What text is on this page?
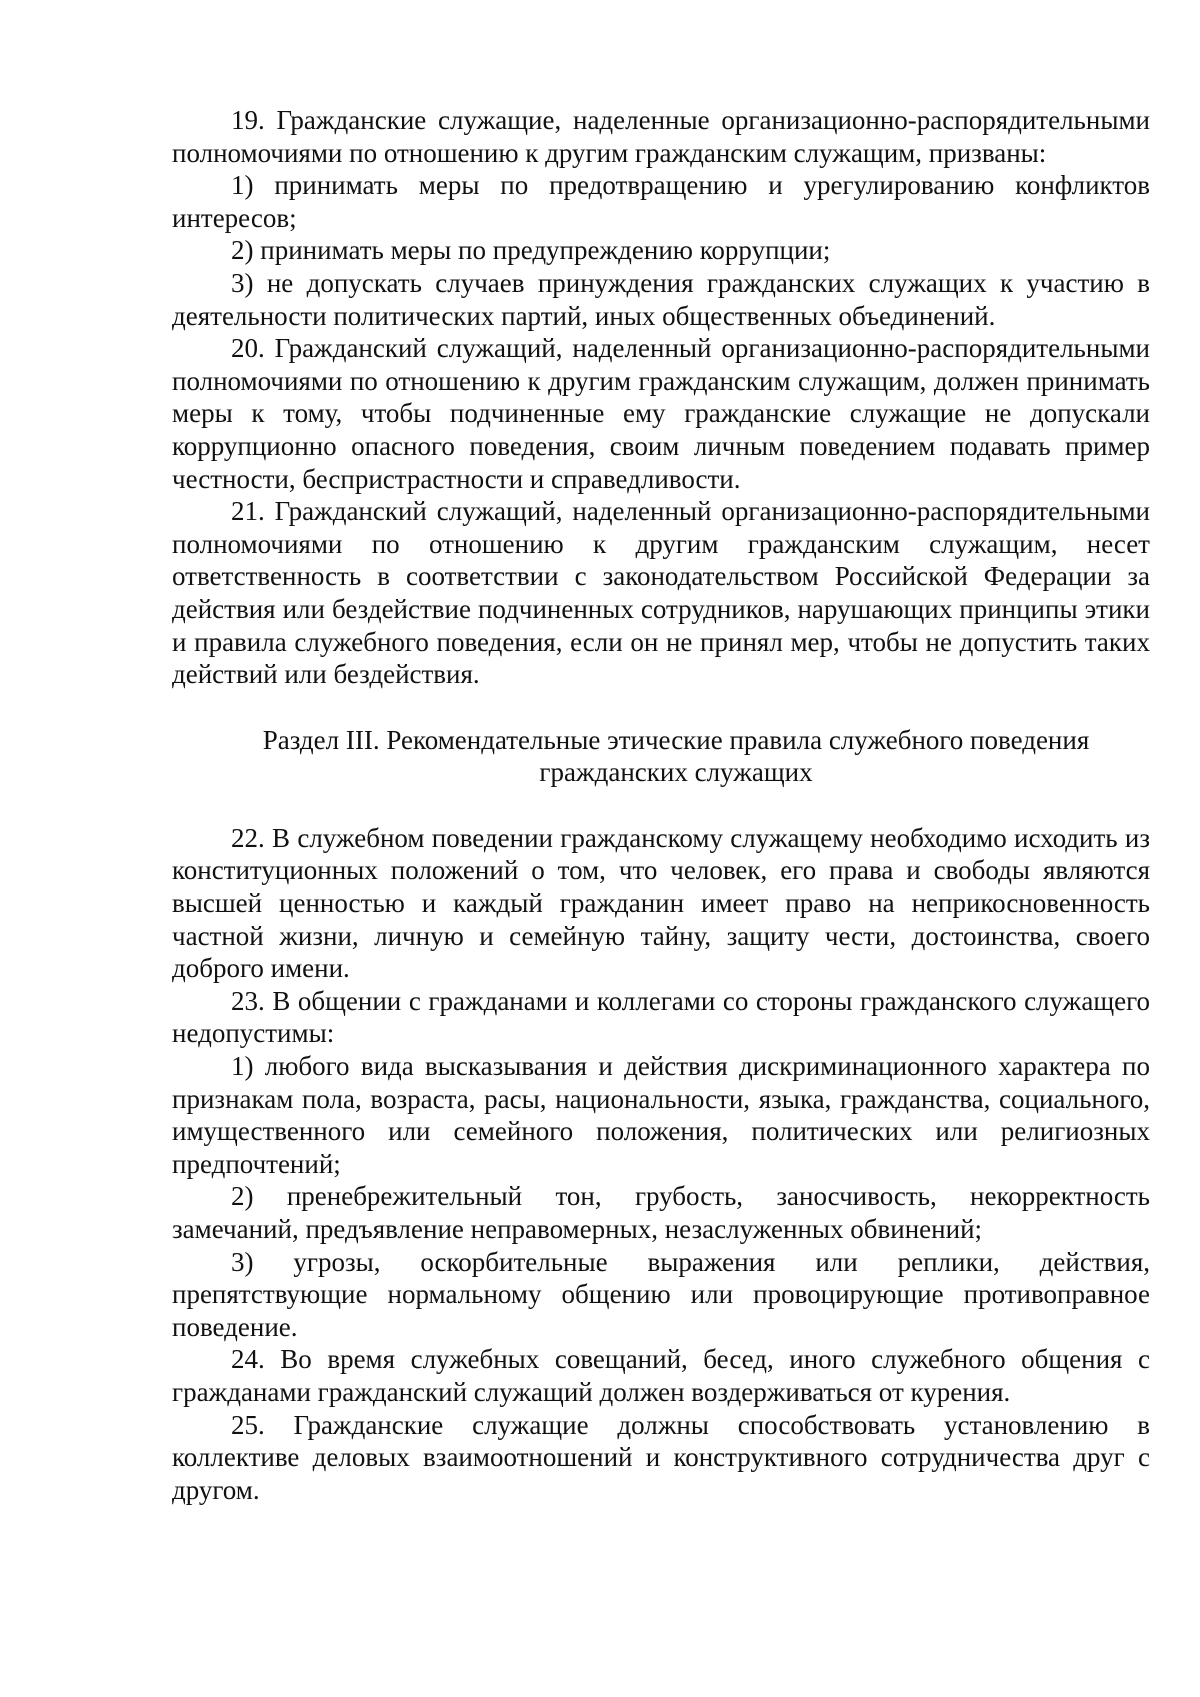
19. Гражданские служащие, наделенные организационно-распорядительными полномочиями по отношению к другим гражданским служащим, призваны:

1) принимать меры по предотвращению и урегулированию конфликтов интересов;

2) принимать меры по предупреждению коррупции;

3) не допускать случаев принуждения гражданских служащих к участию в деятельности политических партий, иных общественных объединений.

20. Гражданский служащий, наделенный организационно-распорядительными полномочиями по отношению к другим гражданским служащим, должен принимать меры к тому, чтобы подчиненные ему гражданские служащие не допускали коррупционно опасного поведения, своим личным поведением подавать пример честности, беспристрастности и справедливости.

21. Гражданский служащий, наделенный организационно-распорядительными полномочиями по отношению к другим гражданским служащим, несет ответственность в соответствии с законодательством Российской Федерации за действия или бездействие подчиненных сотрудников, нарушающих принципы этики и правила служебного поведения, если он не принял мер, чтобы не допустить таких действий или бездействия.

Раздел III. Рекомендательные этические правила служебного поведения
гражданских служащих

22. В служебном поведении гражданскому служащему необходимо исходить из конституционных положений о том, что человек, его права и свободы являются высшей ценностью и каждый гражданин имеет право на неприкосновенность частной жизни, личную и семейную тайну, защиту чести, достоинства, своего доброго имени.

23. В общении с гражданами и коллегами со стороны гражданского служащего недопустимы:

1) любого вида высказывания и действия дискриминационного характера по признакам пола, возраста, расы, национальности, языка, гражданства, социального, имущественного или семейного положения, политических или религиозных предпочтений;

2) пренебрежительный тон, грубость, заносчивость, некорректность замечаний, предъявление неправомерных, незаслуженных обвинений;

3) угрозы, оскорбительные выражения или реплики, действия, препятствующие нормальному общению или провоцирующие противоправное поведение.

24. Во время служебных совещаний, бесед, иного служебного общения с гражданами гражданский служащий должен воздерживаться от курения.

25. Гражданские служащие должны способствовать установлению в коллективе деловых взаимоотношений и конструктивного сотрудничества друг с другом.
